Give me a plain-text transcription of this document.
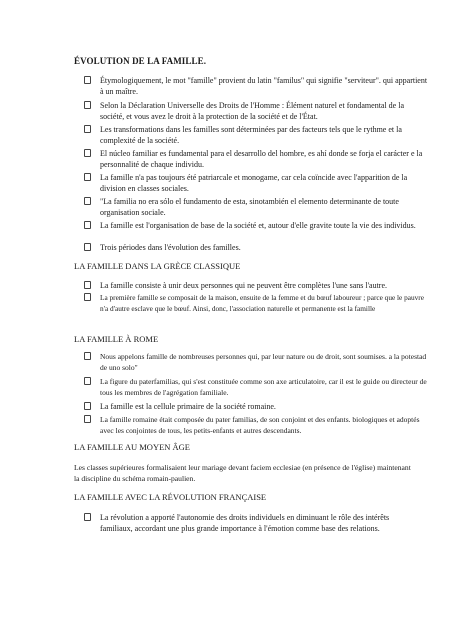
ÉVOLUTION DE LA FAMILLE.
Étymologiquement, le mot "famille" provient du latin "familus" qui signifie "serviteur". qui appartient à un maître.
Selon la Déclaration Universelle des Droits de l'Homme : Élément naturel et fondamental de la société, et vous avez le droit à la protection de la société et de l'État.
Les transformations dans les familles sont déterminées par des facteurs tels que le rythme et la complexité de la société.
El núcleo familiar es fundamental para el desarrollo del hombre, es ahí donde se forja el carácter e la personnalité de chaque individu.
La famille n'a pas toujours été patriarcale et monogame, car cela coïncide avec l'apparition de la division en classes sociales.
"La familia no era sólo el fundamento de esta, sinotambién el elemento determinante de toute organisation sociale.
La famille est l'organisation de base de la société et, autour d'elle gravite toute la vie des individus.
Trois périodes dans l'évolution des familles.
LA FAMILLE DANS LA GRÈCE CLASSIQUE
La famille consiste à unir deux personnes qui ne peuvent être complètes l'une sans l'autre.
La première famille se composait de la maison, ensuite de la femme et du bœuf laboureur ; parce que le pauvre n'a d'autre esclave que le bœuf. Ainsi, donc, l'association naturelle et permanente est la famille
LA FAMILLE À ROME
Nous appelons famille de nombreuses personnes qui, par leur nature ou de droit, sont soumises. a la potestad de uno solo"
La figure du paterfamilias, qui s'est constituée comme son axe articulatoire, car il est le guide ou directeur de tous les membres de l'agrégation familiale.
La famille est la cellule primaire de la société romaine.
La famille romaine était composée du pater familias, de son conjoint et des enfants. biologiques et adoptés avec les conjointes de tous, les petits-enfants et autres descendants.
LA FAMILLE AU MOYEN ÂGE
Les classes supérieures formalisaient leur mariage devant faciem ecclesiae (en présence de l'église) maintenant la discipline du schéma romain-paulien.
LA FAMILLE AVEC LA RÉVOLUTION FRANÇAISE
La révolution a apporté l'autonomie des droits individuels en diminuant le rôle des intérêts familiaux, accordant une plus grande importance à l'émotion comme base des relations.
